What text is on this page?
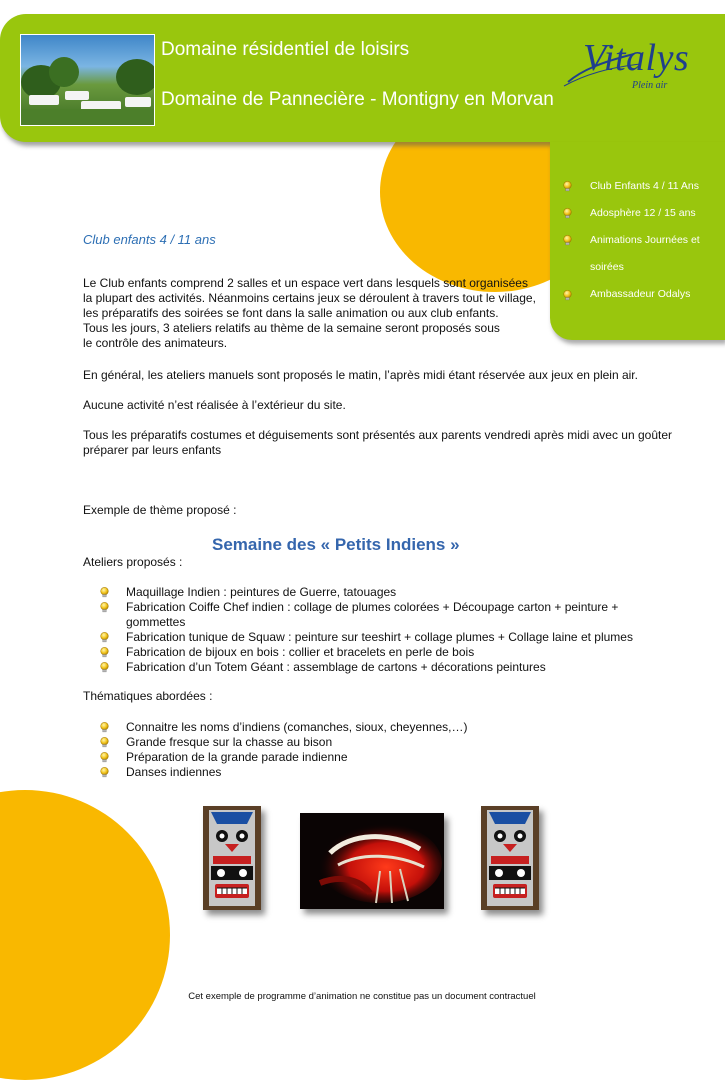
Domaine résidentiel de loisirs
Domaine de Pannecière - Montigny en Morvan
Vitalys
Plein air
Club Enfants 4 / 11 Ans
Adosphère 12 / 15 ans
Animations Journées et
soirées
Ambassadeur Odalys
Club enfants 4 / 11 ans
Le Club enfants comprend 2 salles et un espace vert dans lesquels sont organisées
la plupart des activités. Néanmoins certains jeux se déroulent à travers tout le village,
les préparatifs des soirées se font dans la salle animation ou aux club enfants.
Tous les jours, 3 ateliers relatifs au thème de la semaine seront proposés sous
le contrôle des animateurs.
En général, les ateliers manuels sont proposés le matin, l’après midi étant réservée aux jeux en plein air.
Aucune activité n’est réalisée à l’extérieur du site.
Tous les préparatifs costumes et déguisements sont présentés aux parents vendredi après midi avec un goûter
préparer par leurs enfants
Exemple de thème proposé :
Semaine des « Petits Indiens »
Ateliers proposés :
Maquillage Indien : peintures de Guerre, tatouages
Fabrication Coiffe Chef indien : collage de plumes colorées + Découpage carton + peinture +
gommettes
Fabrication tunique de Squaw : peinture sur teeshirt + collage plumes + Collage laine et plumes
Fabrication de bijoux en bois : collier et bracelets en perle de bois
Fabrication d’un Totem Géant : assemblage de cartons + décorations peintures
Thématiques abordées :
Connaitre les noms d’indiens (comanches, sioux, cheyennes,…)
Grande fresque sur la chasse au bison
Préparation de la grande parade indienne
Danses indiennes
Cet exemple de programme d’animation ne constitue pas un document contractuel
